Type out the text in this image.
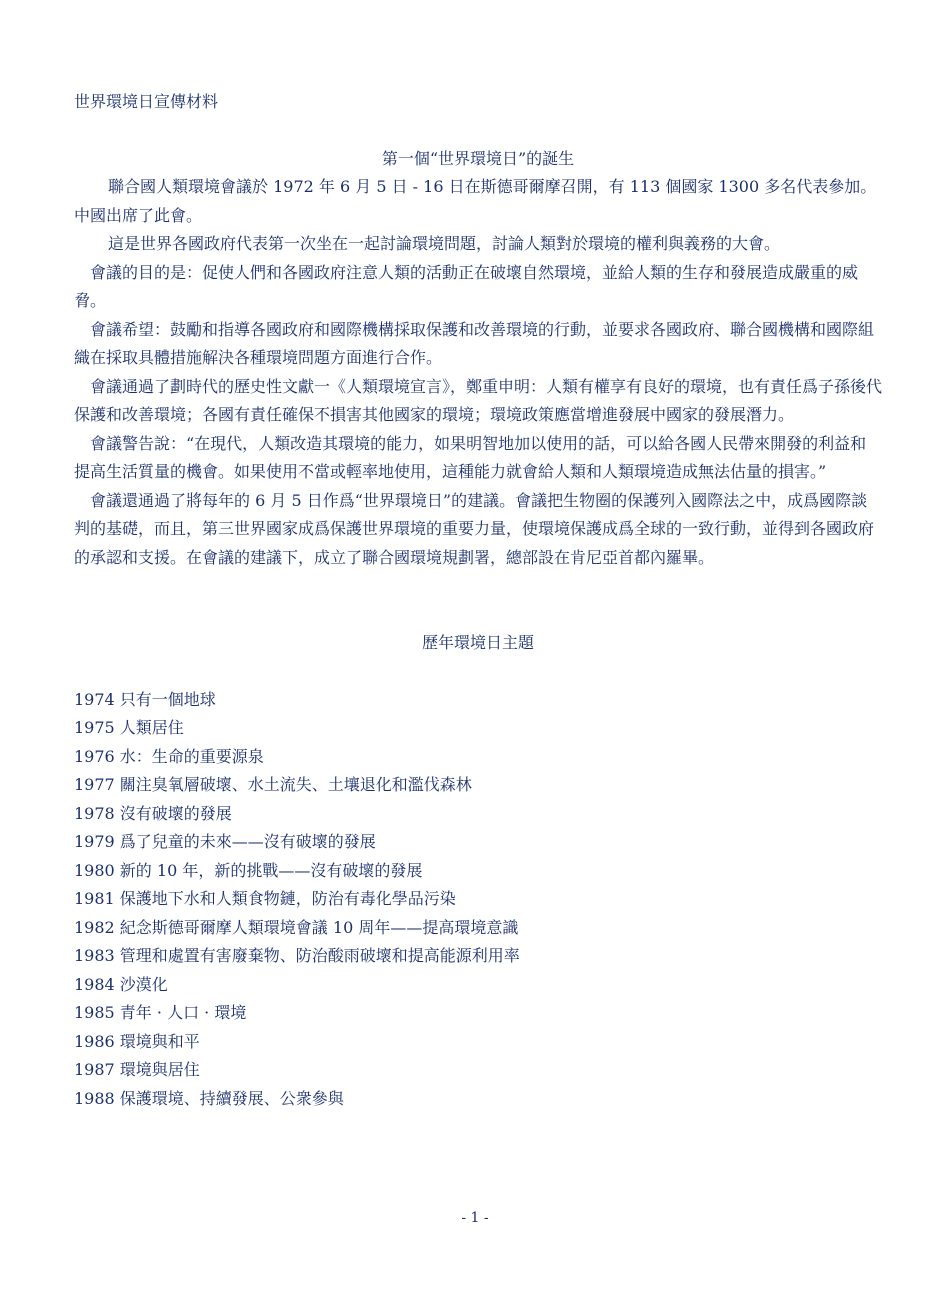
世界環境日宣傳材料
第一個“世界環境日”的誕生
聯合國人類環境會議於 1972 年 6 月 5 日 - 16 日在斯德哥爾摩召開，有 113 個國家 1300 多名代表參加。中國出席了此會。
這是世界各國政府代表第一次坐在一起討論環境問題，討論人類對於環境的權利與義務的大會。
會議的目的是：促使人們和各國政府注意人類的活動正在破壞自然環境，並給人類的生存和發展造成嚴重的威脅。
會議希望：鼓勵和指導各國政府和國際機構採取保護和改善環境的行動，並要求各國政府、聯合國機構和國際組織在採取具體措施解決各種環境問題方面進行合作。
會議通過了劃時代的歷史性文獻一《人類環境宣言》，鄭重申明：人類有權享有良好的環境，也有責任爲子孫後代保護和改善環境；各國有責任確保不損害其他國家的環境；環境政策應當增進發展中國家的發展潛力。
會議警告說：“在現代，人類改造其環境的能力，如果明智地加以使用的話，可以給各國人民帶來開發的利益和提高生活質量的機會。如果使用不當或輕率地使用，這種能力就會給人類和人類環境造成無法估量的損害。”
會議還通過了將每年的 6 月 5 日作爲“世界環境日”的建議。會議把生物圈的保護列入國際法之中，成爲國際談判的基礎，而且，第三世界國家成爲保護世界環境的重要力量，使環境保護成爲全球的一致行動，並得到各國政府的承認和支援。在會議的建議下，成立了聯合國環境規劃署，總部設在肯尼亞首都內羅畢。
歷年環境日主題
1974 只有一個地球
1975 人類居住
1976 水：生命的重要源泉
1977 關注臭氧層破壞、水土流失、土壤退化和濫伐森林
1978 沒有破壞的發展
1979 爲了兒童的未來——沒有破壞的發展
1980 新的 10 年，新的挑戰——沒有破壞的發展
1981 保護地下水和人類食物鏈，防治有毒化學品污染
1982 紀念斯德哥爾摩人類環境會議 10 周年——提高環境意識
1983 管理和處置有害廢棄物、防治酸雨破壞和提高能源利用率
1984 沙漠化
1985 青年 · 人口 · 環境
1986 環境與和平
1987 環境與居住
1988 保護環境、持續發展、公衆參與
- 1 -
